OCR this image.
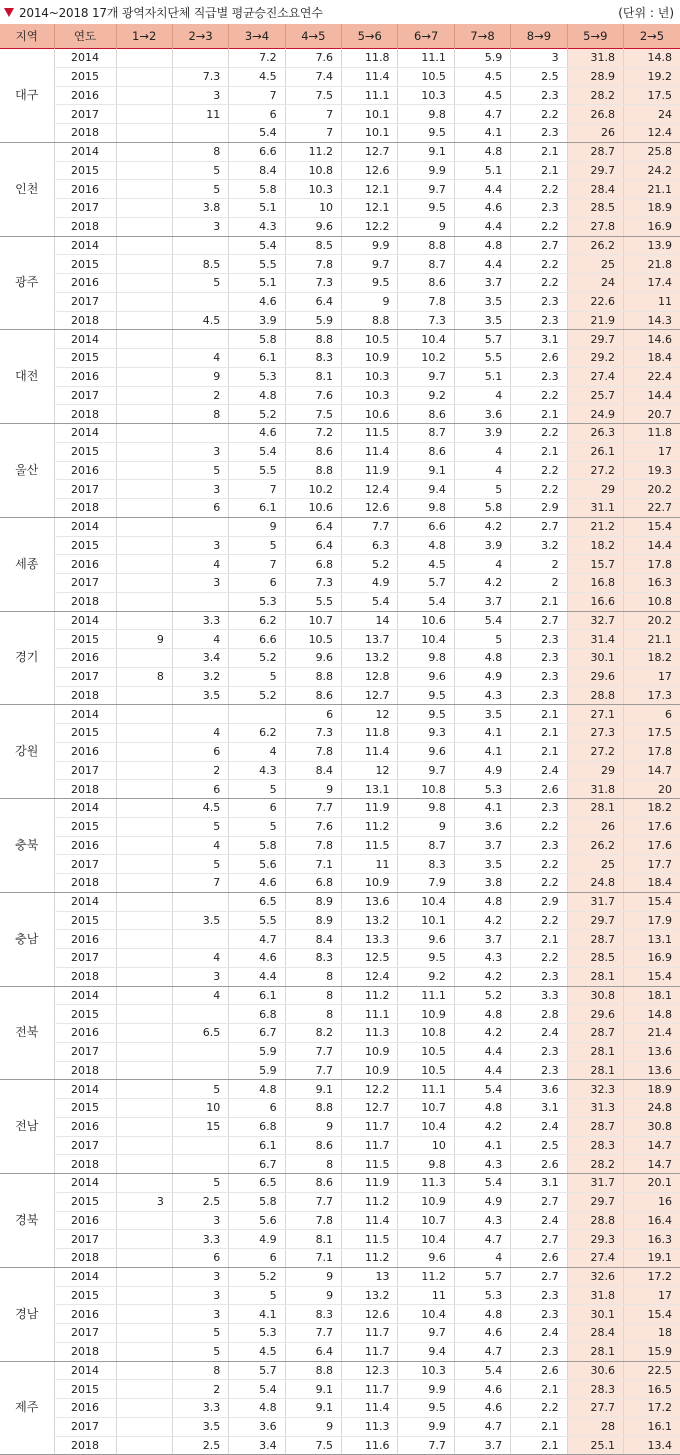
2014~2018 17개 광역자치단체 직급별 평균승진소요연수	(단위 : 년)
지역	연도	1→2	2→3	3→4	4→5	5→6	6→7	7→8	8→9	5→9	2→5
대구	2014			7.2	7.6	11.8	11.1	5.9	3	31.8	14.8
	2015		7.3	4.5	7.4	11.4	10.5	4.5	2.5	28.9	19.2
	2016		3	7	7.5	11.1	10.3	4.5	2.3	28.2	17.5
	2017		11	6	7	10.1	9.8	4.7	2.2	26.8	24
	2018			5.4	7	10.1	9.5	4.1	2.3	26	12.4
인천	2014		8	6.6	11.2	12.7	9.1	4.8	2.1	28.7	25.8
	2015		5	8.4	10.8	12.6	9.9	5.1	2.1	29.7	24.2
	2016		5	5.8	10.3	12.1	9.7	4.4	2.2	28.4	21.1
	2017		3.8	5.1	10	12.1	9.5	4.6	2.3	28.5	18.9
	2018		3	4.3	9.6	12.2	9	4.4	2.2	27.8	16.9
광주	2014			5.4	8.5	9.9	8.8	4.8	2.7	26.2	13.9
	2015		8.5	5.5	7.8	9.7	8.7	4.4	2.2	25	21.8
	2016		5	5.1	7.3	9.5	8.6	3.7	2.2	24	17.4
	2017			4.6	6.4	9	7.8	3.5	2.3	22.6	11
	2018		4.5	3.9	5.9	8.8	7.3	3.5	2.3	21.9	14.3
대전	2014			5.8	8.8	10.5	10.4	5.7	3.1	29.7	14.6
	2015		4	6.1	8.3	10.9	10.2	5.5	2.6	29.2	18.4
	2016		9	5.3	8.1	10.3	9.7	5.1	2.3	27.4	22.4
	2017		2	4.8	7.6	10.3	9.2	4	2.2	25.7	14.4
	2018		8	5.2	7.5	10.6	8.6	3.6	2.1	24.9	20.7
울산	2014			4.6	7.2	11.5	8.7	3.9	2.2	26.3	11.8
	2015		3	5.4	8.6	11.4	8.6	4	2.1	26.1	17
	2016		5	5.5	8.8	11.9	9.1	4	2.2	27.2	19.3
	2017		3	7	10.2	12.4	9.4	5	2.2	29	20.2
	2018		6	6.1	10.6	12.6	9.8	5.8	2.9	31.1	22.7
세종	2014			9	6.4	7.7	6.6	4.2	2.7	21.2	15.4
	2015		3	5	6.4	6.3	4.8	3.9	3.2	18.2	14.4
	2016		4	7	6.8	5.2	4.5	4	2	15.7	17.8
	2017		3	6	7.3	4.9	5.7	4.2	2	16.8	16.3
	2018			5.3	5.5	5.4	5.4	3.7	2.1	16.6	10.8
경기	2014		3.3	6.2	10.7	14	10.6	5.4	2.7	32.7	20.2
	2015	9	4	6.6	10.5	13.7	10.4	5	2.3	31.4	21.1
	2016		3.4	5.2	9.6	13.2	9.8	4.8	2.3	30.1	18.2
	2017	8	3.2	5	8.8	12.8	9.6	4.9	2.3	29.6	17
	2018		3.5	5.2	8.6	12.7	9.5	4.3	2.3	28.8	17.3
강원	2014				6	12	9.5	3.5	2.1	27.1	6
	2015		4	6.2	7.3	11.8	9.3	4.1	2.1	27.3	17.5
	2016		6	4	7.8	11.4	9.6	4.1	2.1	27.2	17.8
	2017		2	4.3	8.4	12	9.7	4.9	2.4	29	14.7
	2018		6	5	9	13.1	10.8	5.3	2.6	31.8	20
충북	2014		4.5	6	7.7	11.9	9.8	4.1	2.3	28.1	18.2
	2015		5	5	7.6	11.2	9	3.6	2.2	26	17.6
	2016		4	5.8	7.8	11.5	8.7	3.7	2.3	26.2	17.6
	2017		5	5.6	7.1	11	8.3	3.5	2.2	25	17.7
	2018		7	4.6	6.8	10.9	7.9	3.8	2.2	24.8	18.4
충남	2014			6.5	8.9	13.6	10.4	4.8	2.9	31.7	15.4
	2015		3.5	5.5	8.9	13.2	10.1	4.2	2.2	29.7	17.9
	2016			4.7	8.4	13.3	9.6	3.7	2.1	28.7	13.1
	2017		4	4.6	8.3	12.5	9.5	4.3	2.2	28.5	16.9
	2018		3	4.4	8	12.4	9.2	4.2	2.3	28.1	15.4
전북	2014		4	6.1	8	11.2	11.1	5.2	3.3	30.8	18.1
	2015			6.8	8	11.1	10.9	4.8	2.8	29.6	14.8
	2016		6.5	6.7	8.2	11.3	10.8	4.2	2.4	28.7	21.4
	2017			5.9	7.7	10.9	10.5	4.4	2.3	28.1	13.6
	2018			5.9	7.7	10.9	10.5	4.4	2.3	28.1	13.6
전남	2014		5	4.8	9.1	12.2	11.1	5.4	3.6	32.3	18.9
	2015		10	6	8.8	12.7	10.7	4.8	3.1	31.3	24.8
	2016		15	6.8	9	11.7	10.4	4.2	2.4	28.7	30.8
	2017			6.1	8.6	11.7	10	4.1	2.5	28.3	14.7
	2018			6.7	8	11.5	9.8	4.3	2.6	28.2	14.7
경북	2014		5	6.5	8.6	11.9	11.3	5.4	3.1	31.7	20.1
	2015	3	2.5	5.8	7.7	11.2	10.9	4.9	2.7	29.7	16
	2016		3	5.6	7.8	11.4	10.7	4.3	2.4	28.8	16.4
	2017		3.3	4.9	8.1	11.5	10.4	4.7	2.7	29.3	16.3
	2018		6	6	7.1	11.2	9.6	4	2.6	27.4	19.1
경남	2014		3	5.2	9	13	11.2	5.7	2.7	32.6	17.2
	2015		3	5	9	13.2	11	5.3	2.3	31.8	17
	2016		3	4.1	8.3	12.6	10.4	4.8	2.3	30.1	15.4
	2017		5	5.3	7.7	11.7	9.7	4.6	2.4	28.4	18
	2018		5	4.5	6.4	11.7	9.4	4.7	2.3	28.1	15.9
제주	2014		8	5.7	8.8	12.3	10.3	5.4	2.6	30.6	22.5
	2015		2	5.4	9.1	11.7	9.9	4.6	2.1	28.3	16.5
	2016		3.3	4.8	9.1	11.4	9.5	4.6	2.2	27.7	17.2
	2017		3.5	3.6	9	11.3	9.9	4.7	2.1	28	16.1
	2018		2.5	3.4	7.5	11.6	7.7	3.7	2.1	25.1	13.4
